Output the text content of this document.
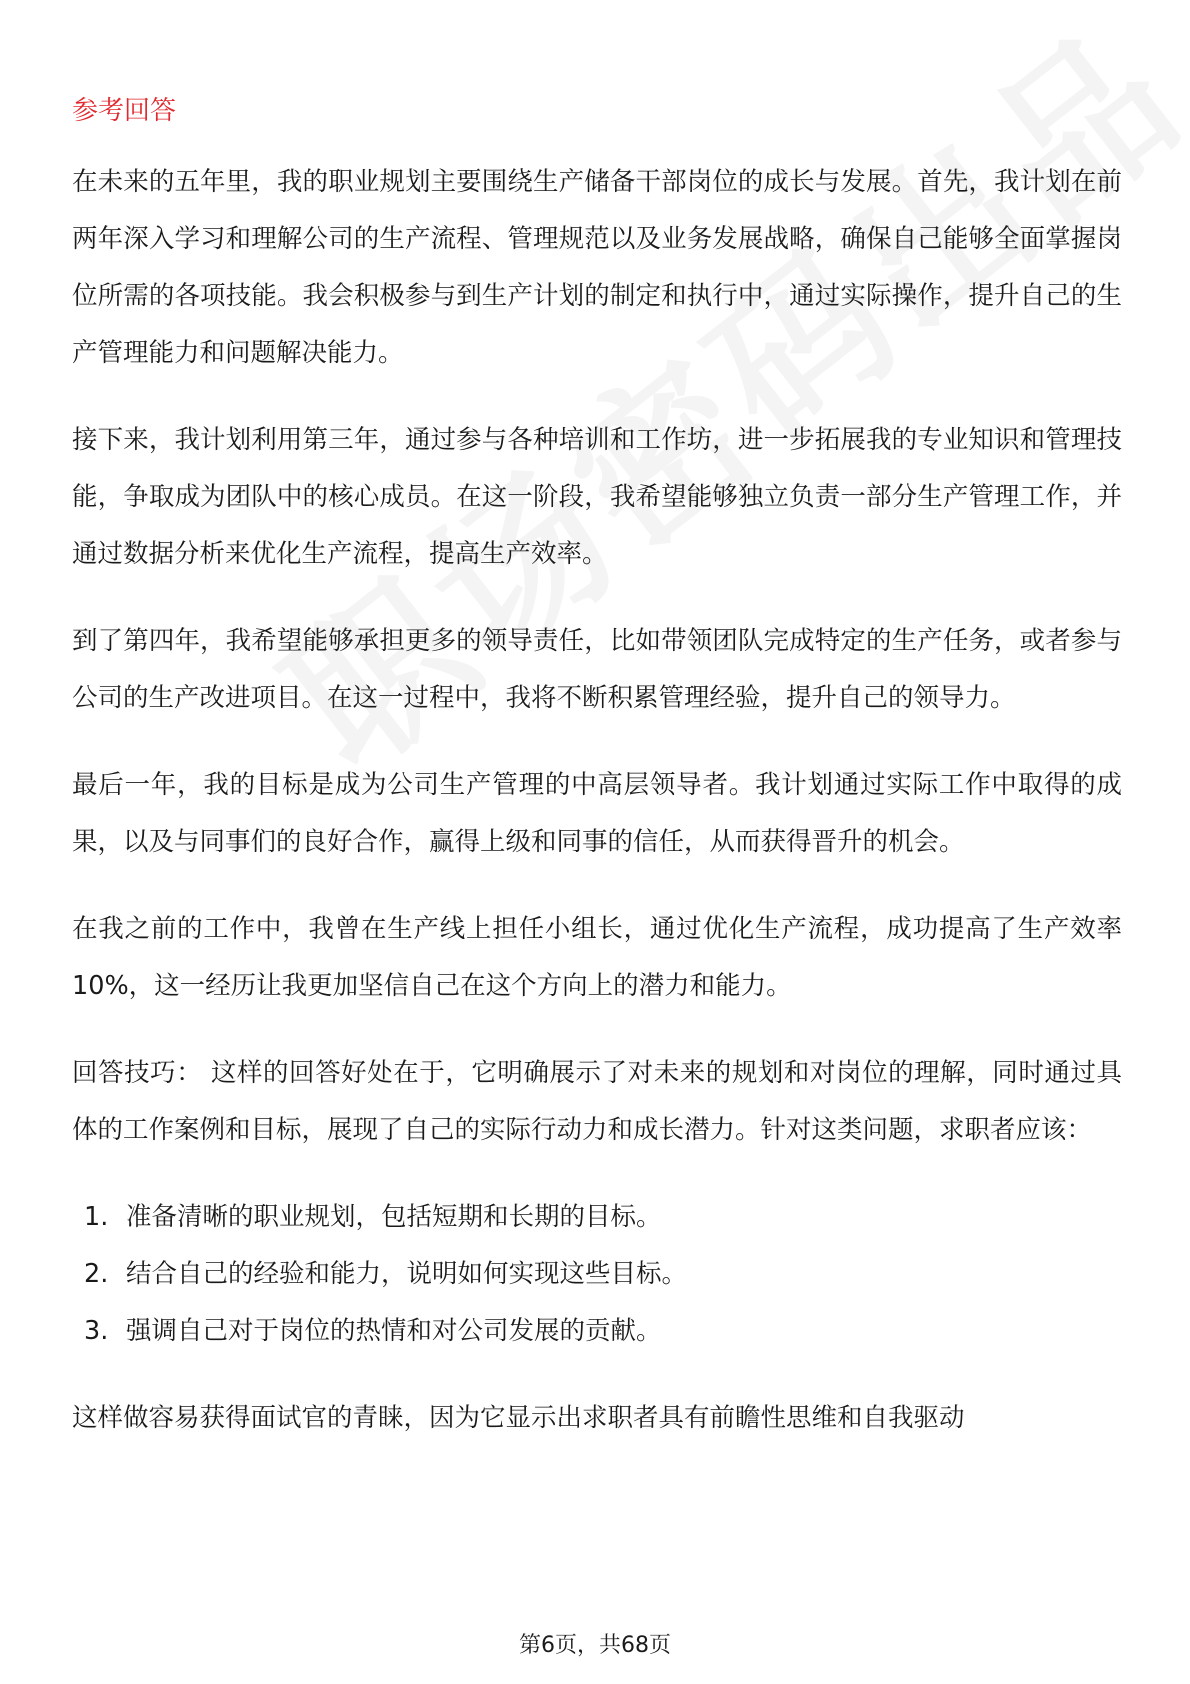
参考回答

在未来的五年里，我的职业规划主要围绕生产储备干部岗位的成长与发展。首先，我计划在前两年深入学习和理解公司的生产流程、管理规范以及业务发展战略，确保自己能够全面掌握岗位所需的各项技能。我会积极参与到生产计划的制定和执行中，通过实际操作，提升自己的生产管理能力和问题解决能力。

接下来，我计划利用第三年，通过参与各种培训和工作坊，进一步拓展我的专业知识和管理技能，争取成为团队中的核心成员。在这一阶段，我希望能够独立负责一部分生产管理工作，并通过数据分析来优化生产流程，提高生产效率。

到了第四年，我希望能够承担更多的领导责任，比如带领团队完成特定的生产任务，或者参与公司的生产改进项目。在这一过程中，我将不断积累管理经验，提升自己的领导力。

最后一年，我的目标是成为公司生产管理的中高层领导者。我计划通过实际工作中取得的成果，以及与同事们的良好合作，赢得上级和同事的信任，从而获得晋升的机会。

在我之前的工作中，我曾在生产线上担任小组长，通过优化生产流程，成功提高了生产效率10%，这一经历让我更加坚信自己在这个方向上的潜力和能力。

回答技巧： 这样的回答好处在于，它明确展示了对未来的规划和对岗位的理解，同时通过具体的工作案例和目标，展现了自己的实际行动力和成长潜力。针对这类问题，求职者应该：

1. 准备清晰的职业规划，包括短期和长期的目标。
2. 结合自己的经验和能力，说明如何实现这些目标。
3. 强调自己对于岗位的热情和对公司发展的贡献。

这样做容易获得面试官的青睐，因为它显示出求职者具有前瞻性思维和自我驱动

第6页，共68页
